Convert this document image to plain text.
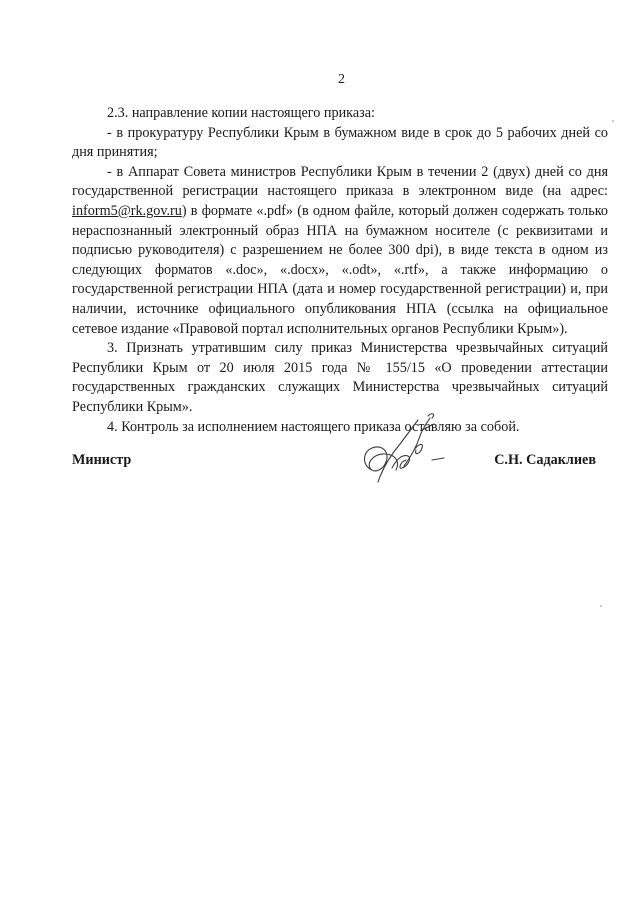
2

2.3. направление копии настоящего приказа:

- в прокуратуру Республики Крым в бумажном виде в срок до 5 рабочих дней со дня принятия;

- в Аппарат Совета министров Республики Крым в течении 2 (двух) дней со дня государственной регистрации настоящего приказа в электронном виде (на адрес: inform5@rk.gov.ru) в формате «.pdf» (в одном файле, который должен содержать только нераспознанный электронный образ НПА на бумажном носителе (с реквизитами и подписью руководителя) с разрешением не более 300 dpi), в виде текста в одном из следующих форматов «.doc», «.docx», «.odt», «.rtf», а также информацию о государственной регистрации НПА (дата и номер государственной регистрации) и, при наличии, источнике официального опубликования НПА (ссылка на официальное сетевое издание «Правовой портал исполнительных органов Республики Крым»).

3. Признать утратившим силу приказ Министерства чрезвычайных ситуаций Республики Крым от 20 июля 2015 года № 155/15 «О проведении аттестации государственных гражданских служащих Министерства чрезвычайных ситуаций Республики Крым».

4. Контроль за исполнением настоящего приказа оставляю за собой.

Министр	С.Н. Садаклиев
